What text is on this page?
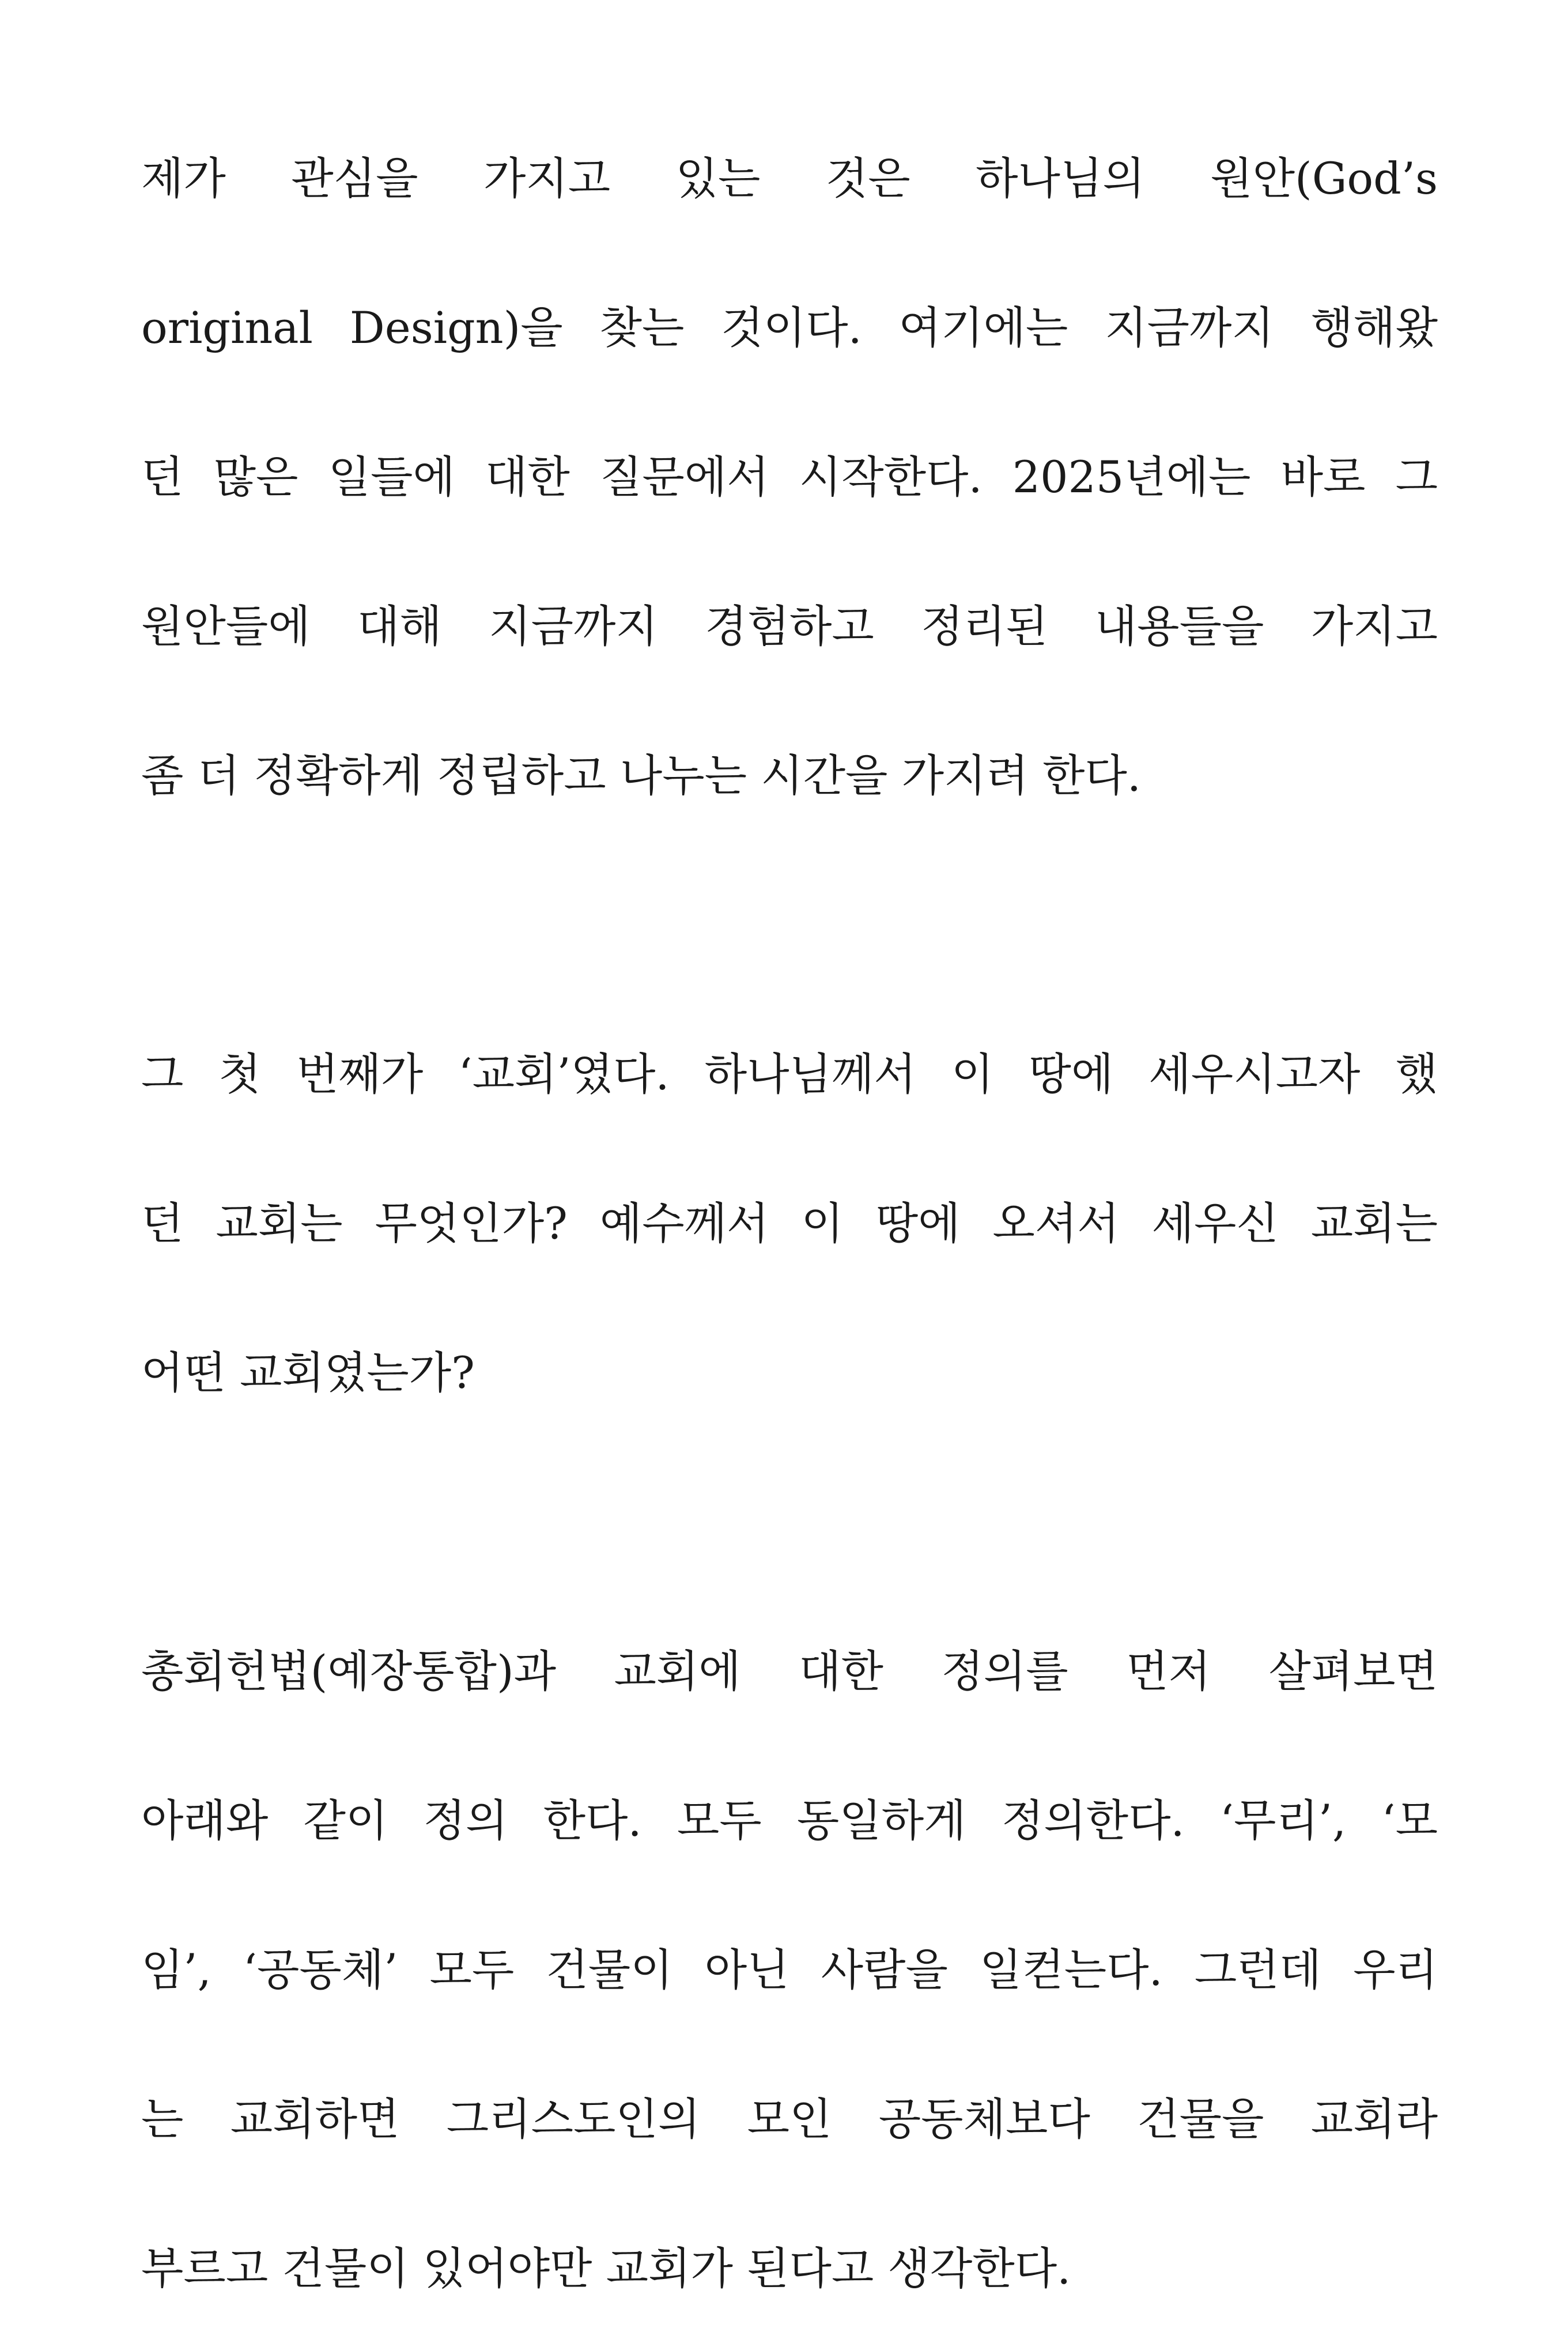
제가 관심을 가지고 있는 것은 하나님의 원안(God’s
original Design)을 찾는 것이다. 여기에는 지금까지 행해왔
던 많은 일들에 대한 질문에서 시작한다. 2025년에는 바로 그
원안들에 대해 지금까지 경험하고 정리된 내용들을 가지고
좀 더 정확하게 정립하고 나누는 시간을 가지려 한다.
그 첫 번째가 ‘교회’였다. 하나님께서 이 땅에 세우시고자 했
던 교회는 무엇인가? 예수께서 이 땅에 오셔서 세우신 교회는
어떤 교회였는가?
총회헌법(예장통합)과 교회에 대한 정의를 먼저 살펴보면
아래와 같이 정의 한다. 모두 동일하게 정의한다. ‘무리’, ‘모
임’, ‘공동체’ 모두 건물이 아닌 사람을 일컫는다. 그런데 우리
는 교회하면 그리스도인의 모인 공동체보다 건물을 교회라
부르고 건물이 있어야만 교회가 된다고 생각한다.
